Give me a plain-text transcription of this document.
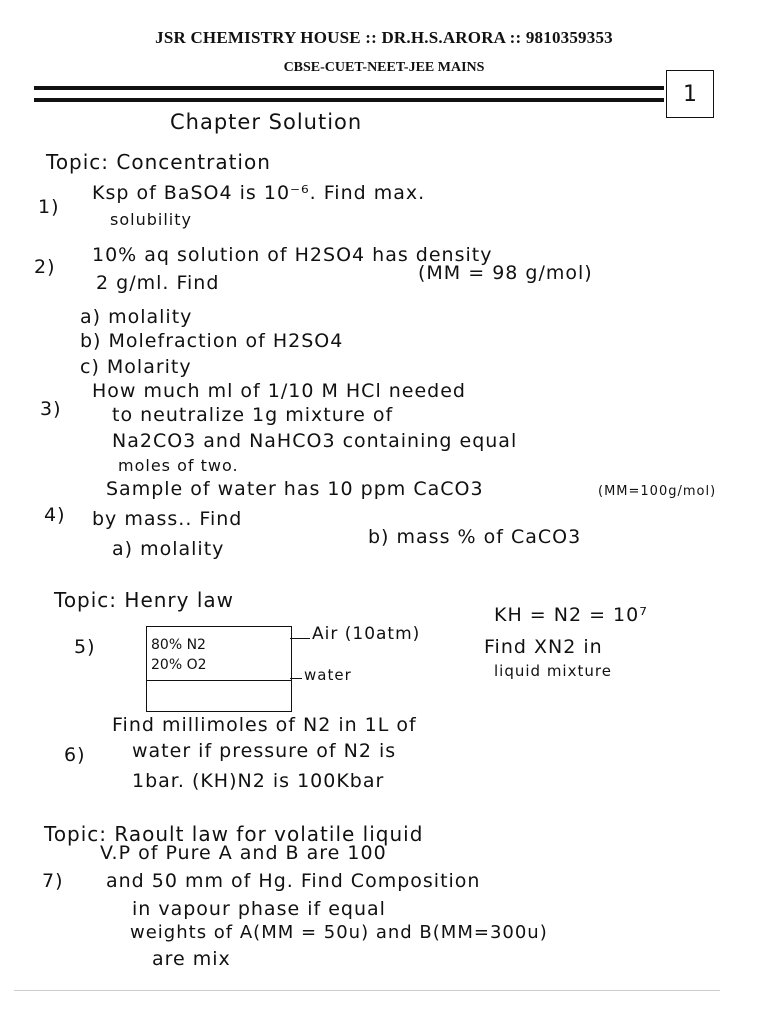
JSR CHEMISTRY HOUSE :: DR.H.S.ARORA :: 9810359353
CBSE-CUET-NEET-JEE MAINS
1
Chapter Solution
Topic: Concentration
1)
Ksp of BaSO4 is 10⁻⁶. Find max.
solubility
2)
10% aq solution of H2SO4 has density
2 g/ml. Find	(MM = 98 g/mol)
a) molality
b) Molefraction of H2SO4
c) Molarity
3)
How much ml of 1/10 M HCl needed
to neutralize 1g mixture of
Na2CO3 and NaHCO3 containing equal
moles of two.
4)
Sample of water has 10 ppm CaCO3	(MM=100g/mol)
by mass.. Find
a) molality
b) mass % of CaCO3
Topic: Henry law
5)	80% N2
20% O2
Air (10atm)
water
KH = N2 = 10⁷
Find XN2 in
liquid mixture
6)
Find millimoles of N2 in 1L of
water if pressure of N2 is
1bar. (KH)N2 is 100Kbar
Topic: Raoult law for volatile liquid
7)
V.P of Pure A and B are 100
and 50 mm of Hg. Find Composition
in vapour phase if equal
weights of A(MM = 50u) and B(MM=300u)
are mix
